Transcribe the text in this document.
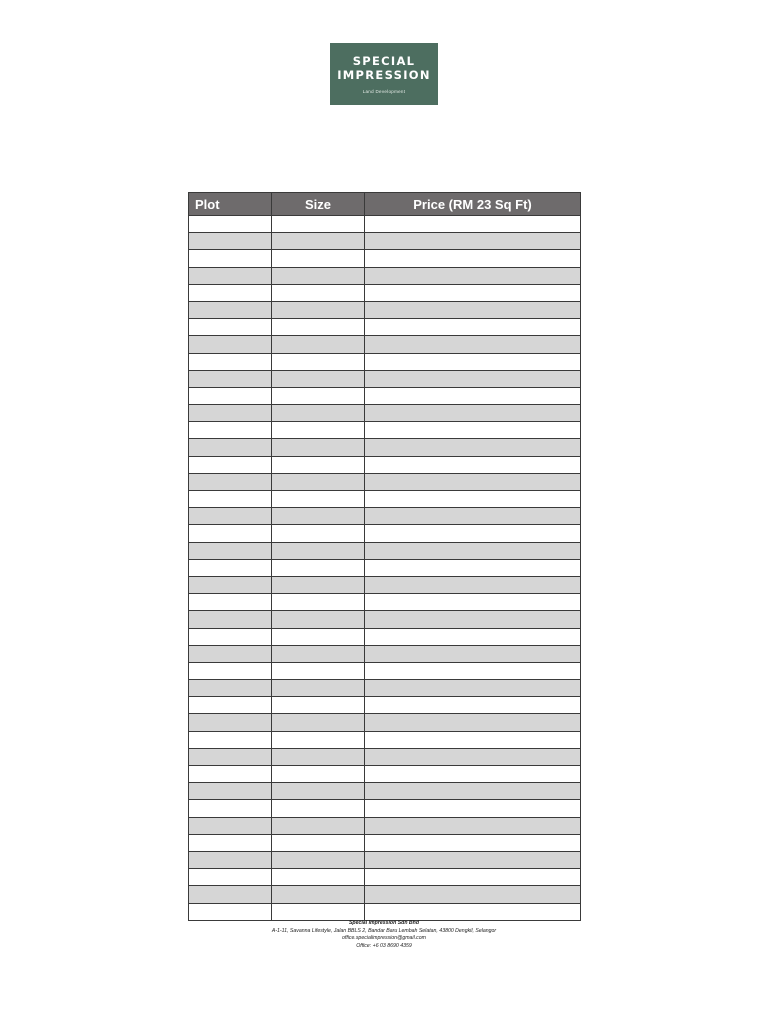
SPECIAL
IMPRESSION
Land Development
Plot	Size	Price (RM 23 Sq Ft)

Special Impression Sdn Bhd
A-1-11, Savanna Lifestyle, Jalan BBLS 2, Bandar Baru Lembah Selatan, 43800 Dengkil, Selangor
office.specialimpression@gmail.com
Office: +6 03 8690 4359
